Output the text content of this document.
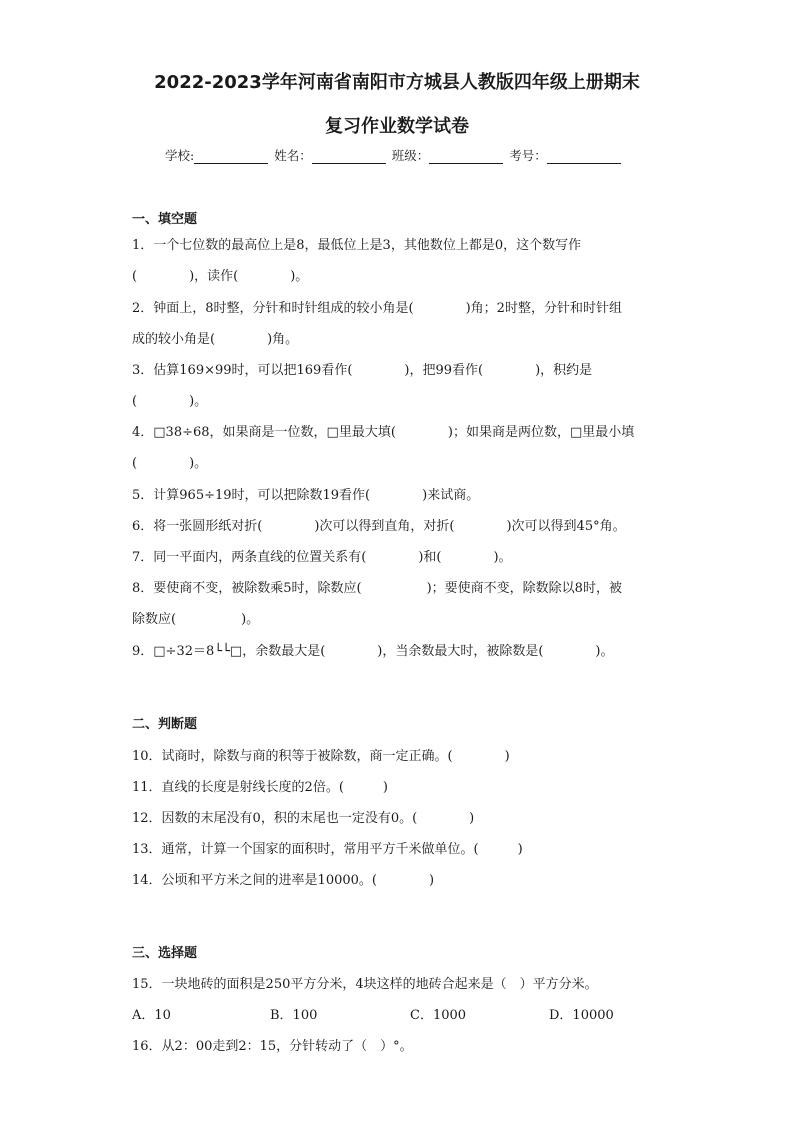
2022-2023学年河南省南阳市方城县人教版四年级上册期末
复习作业数学试卷
学校:	姓名：	班级：	考号：
一、填空题
1．一个七位数的最高位上是8，最低位上是3，其他数位上都是0，这个数写作
(　　　　)，读作(　　　　)。
2．钟面上，8时整，分针和时针组成的较小角是(　　　　)角；2时整，分针和时针组
成的较小角是(　　　　)角。
3．估算169×99时，可以把169看作(　　　　)，把99看作(　　　　)，积约是
(　　　　)。
4．□38÷68，如果商是一位数，□里最大填(　　　　)；如果商是两位数，□里最小填
(　　　　)。
5．计算965÷19时，可以把除数19看作(　　　　)来试商。
6．将一张圆形纸对折(　　　　)次可以得到直角，对折(　　　　)次可以得到45°角。
7．同一平面内，两条直线的位置关系有(　　　　)和(　　　　)。
8．要使商不变，被除数乘5时，除数应(　　　　　)；要使商不变，除数除以8时，被
除数应(　　　　　)。
9．□÷32＝8└└□，余数最大是(　　　　)，当余数最大时，被除数是(　　　　)。
二、判断题
10．试商时，除数与商的积等于被除数，商一定正确。(　　　　)
11．直线的长度是射线长度的2倍。(　　　)
12．因数的末尾没有0，积的末尾也一定没有0。(　　　　)
13．通常，计算一个国家的面积时，常用平方千米做单位。(　　　)
14．公顷和平方米之间的进率是10000。(　　　　)
三、选择题
15．一块地砖的面积是250平方分米，4块这样的地砖合起来是（　）平方分米。
A．10	B．100	C．1000	D．10000
16．从2：00走到2：15，分针转动了（　）°。
